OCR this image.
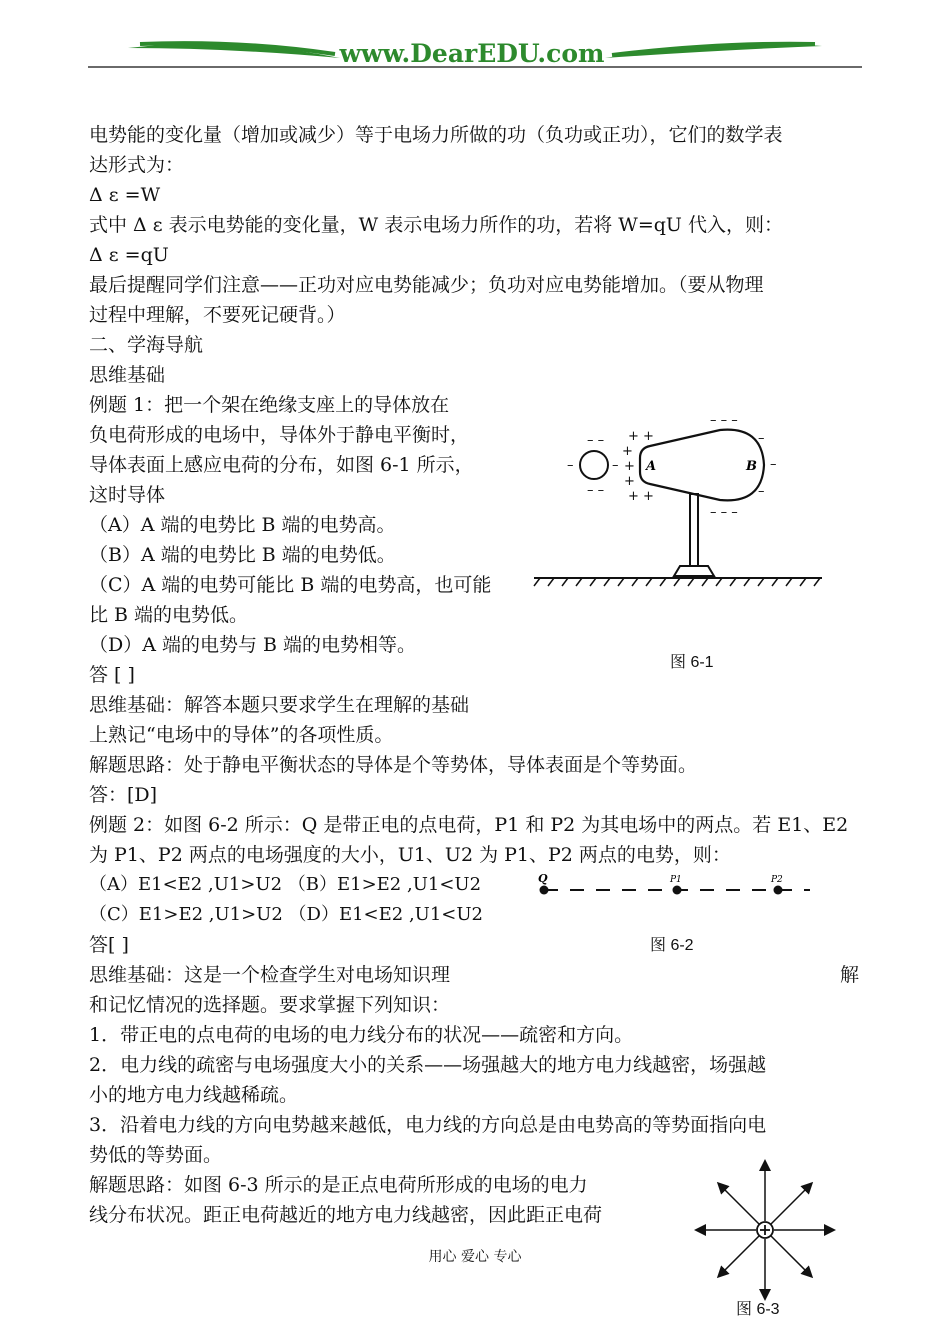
www.DearEDU.com
电势能的变化量（增加或减少）等于电场力所做的功（负功或正功），它们的数学表
达形式为：
Δ ε =W
式中 Δ ε 表示电势能的变化量，W 表示电场力所作的功，若将 W=qU 代入，则：
Δ ε =qU
最后提醒同学们注意——正功对应电势能减少；负功对应电势能增加。（要从物理
过程中理解，不要死记硬背。）
二、学海导航
思维基础
例题 1：把一个架在绝缘支座上的导体放在
负电荷形成的电场中，导体外于静电平衡时，
导体表面上感应电荷的分布，如图 6-1 所示，
这时导体
（A）A 端的电势比 B 端的电势高。
（B）A 端的电势比 B 端的电势低。
（C）A 端的电势可能比 B 端的电势高，也可能
比 B 端的电势低。
（D）A 端的电势与 B 端的电势相等。
答 [ ]
思维基础：解答本题只要求学生在理解的基础
上熟记“电场中的导体”的各项性质。
解题思路：处于静电平衡状态的导体是个等势体，导体表面是个等势面。
答：[D]
例题 2：如图 6-2 所示：Q 是带正电的点电荷，P1 和 P2 为其电场中的两点。若 E1、E2
为 P1、P2 两点的电场强度的大小，U1、U2 为 P1、P2 两点的电势，则：
（A）E1<E2 ,U1>U2 （B）E1>E2 ,U1<U2
（C）E1>E2 ,U1>U2 （D）E1<E2 ,U1<U2
答[ ]
思维基础：这是一个检查学生对电场知识理
和记忆情况的选择题。要求掌握下列知识：
1．带正电的点电荷的电场的电力线分布的状况——疏密和方向。
2．电力线的疏密与电场强度大小的关系——场强越大的地方电力线越密，场强越
小的地方电力线越稀疏。
3．沿着电力线的方向电势越来越低，电力线的方向总是由电势高的等势面指向电
势低的等势面。
解题思路：如图 6-3 所示的是正点电荷所形成的电场的电力
线分布状况。距正电荷越近的地方电力线越密，因此距正电荷
解
– –
–	–
– –
A	B
+ +
+
+
+
+ +
– – –
–
–
–
– – –
图 6-1
Q	P1	P2
图 6-2
图 6-3
用心 爱心 专心
